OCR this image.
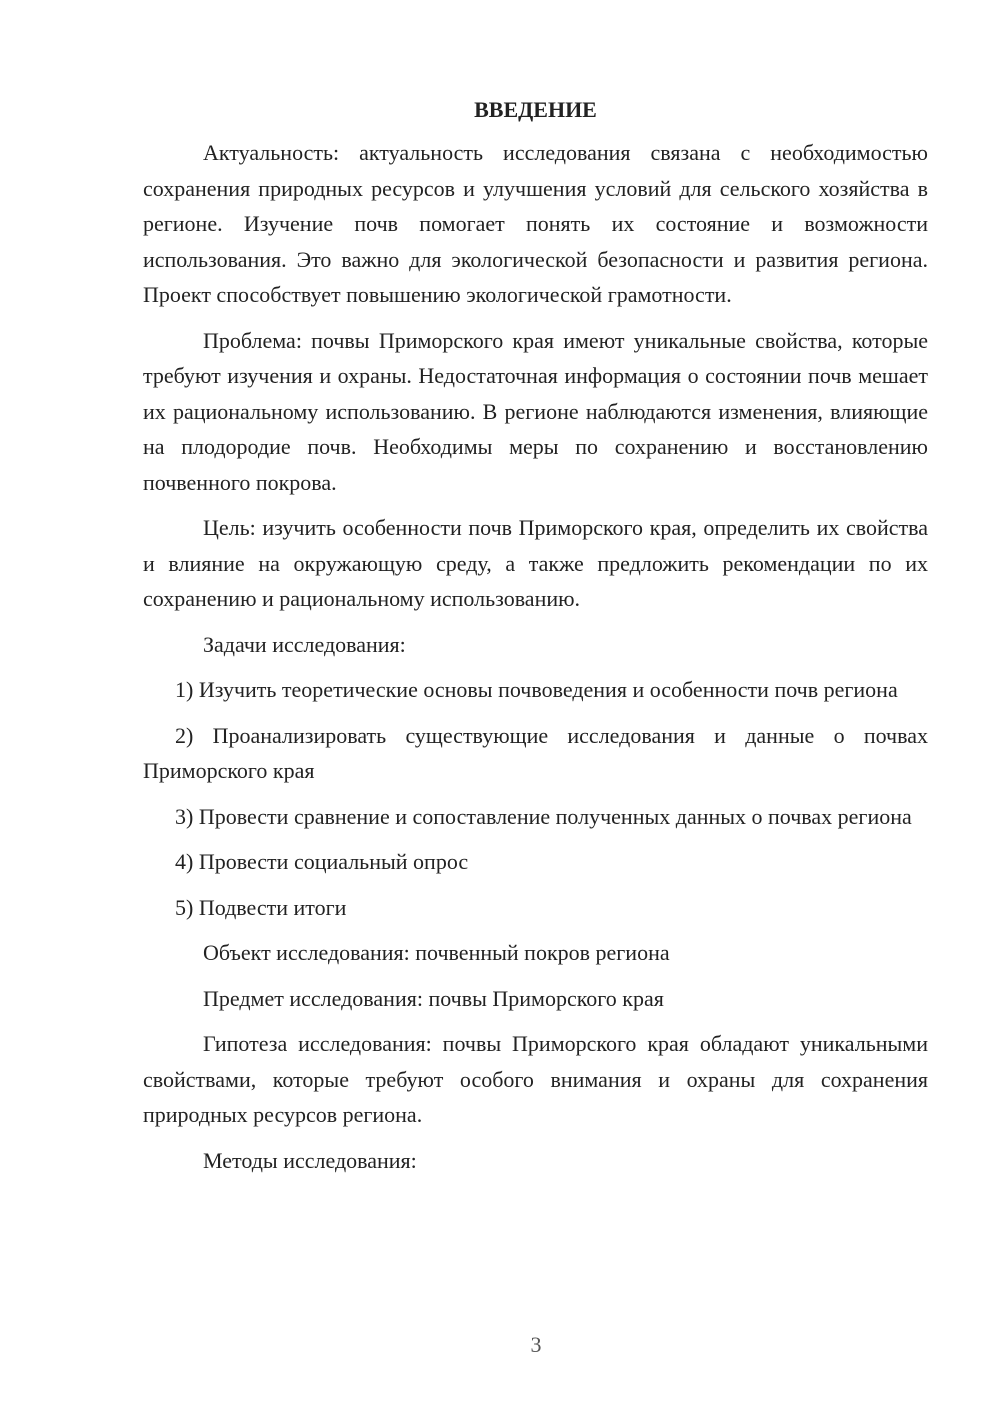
ВВЕДЕНИЕ

Актуальность: актуальность исследования связана с необходимостью сохранения природных ресурсов и улучшения условий для сельского хозяйства в регионе. Изучение почв помогает понять их состояние и возможности использования. Это важно для экологической безопасности и развития региона. Проект способствует повышению экологической грамотности.

Проблема: почвы Приморского края имеют уникальные свойства, которые требуют изучения и охраны. Недостаточная информация о состоянии почв мешает их рациональному использованию. В регионе наблюдаются изменения, влияющие на плодородие почв. Необходимы меры по сохранению и восстановлению почвенного покрова.

Цель: изучить особенности почв Приморского края, определить их свойства и влияние на окружающую среду, а также предложить рекомендации по их сохранению и рациональному использованию.

Задачи исследования:

1) Изучить теоретические основы почвоведения и особенности почв региона

2) Проанализировать существующие исследования и данные о почвах Приморского края

3) Провести сравнение и сопоставление полученных данных о почвах региона

4) Провести социальный опрос

5) Подвести итоги

Объект исследования: почвенный покров региона

Предмет исследования: почвы Приморского края

Гипотеза исследования: почвы Приморского края обладают уникальными свойствами, которые требуют особого внимания и охраны для сохранения природных ресурсов региона.

Методы исследования:

3
